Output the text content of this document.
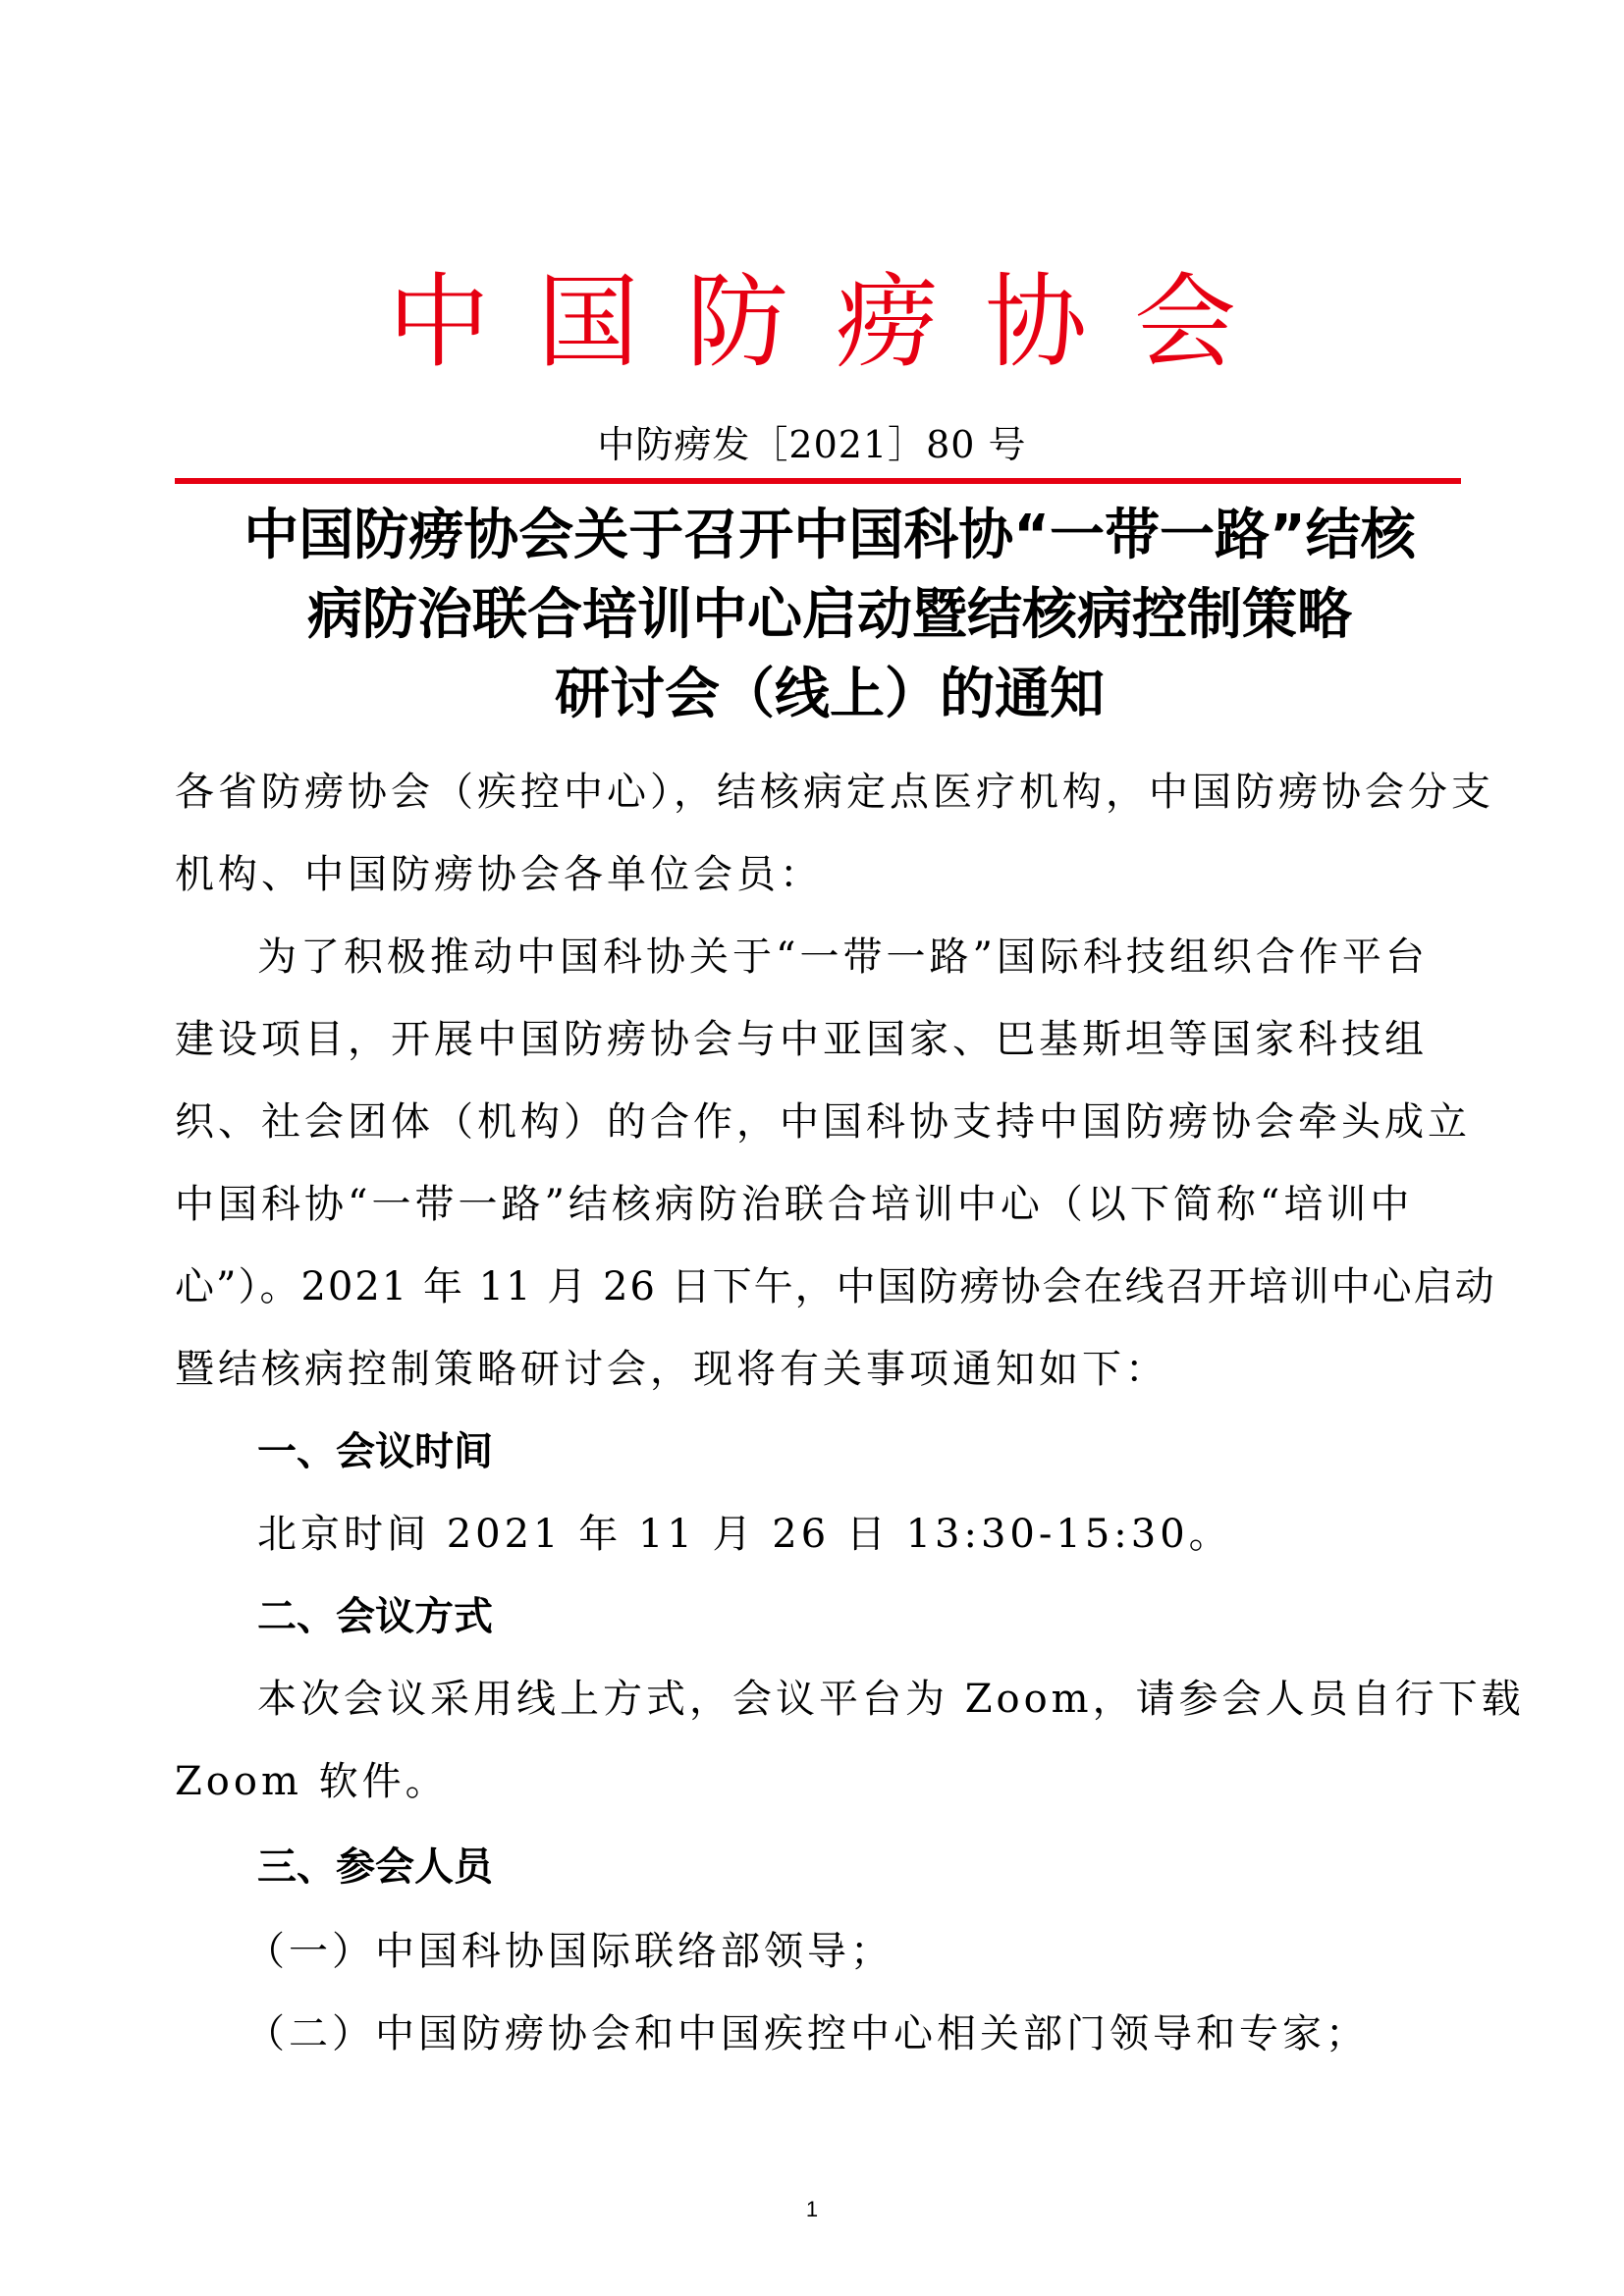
中国防痨协会
中防痨发［2021］80 号
中国防痨协会关于召开中国科协“一带一路”结核
病防治联合培训中心启动暨结核病控制策略
研讨会（线上）的通知
各省防痨协会（疾控中心），结核病定点医疗机构，中国防痨协会分支
机构、中国防痨协会各单位会员：
为了积极推动中国科协关于“一带一路”国际科技组织合作平台
建设项目，开展中国防痨协会与中亚国家、巴基斯坦等国家科技组
织、社会团体（机构）的合作，中国科协支持中国防痨协会牵头成立
中国科协“一带一路”结核病防治联合培训中心（以下简称“培训中
心”）。2021 年 11 月 26 日下午，中国防痨协会在线召开培训中心启动
暨结核病控制策略研讨会，现将有关事项通知如下：
一、会议时间
北京时间 2021 年 11 月 26 日 13:30-15:30。
二、会议方式
本次会议采用线上方式，会议平台为 Zoom，请参会人员自行下载
Zoom 软件。
三、参会人员
（一）中国科协国际联络部领导；
（二）中国防痨协会和中国疾控中心相关部门领导和专家；
1
